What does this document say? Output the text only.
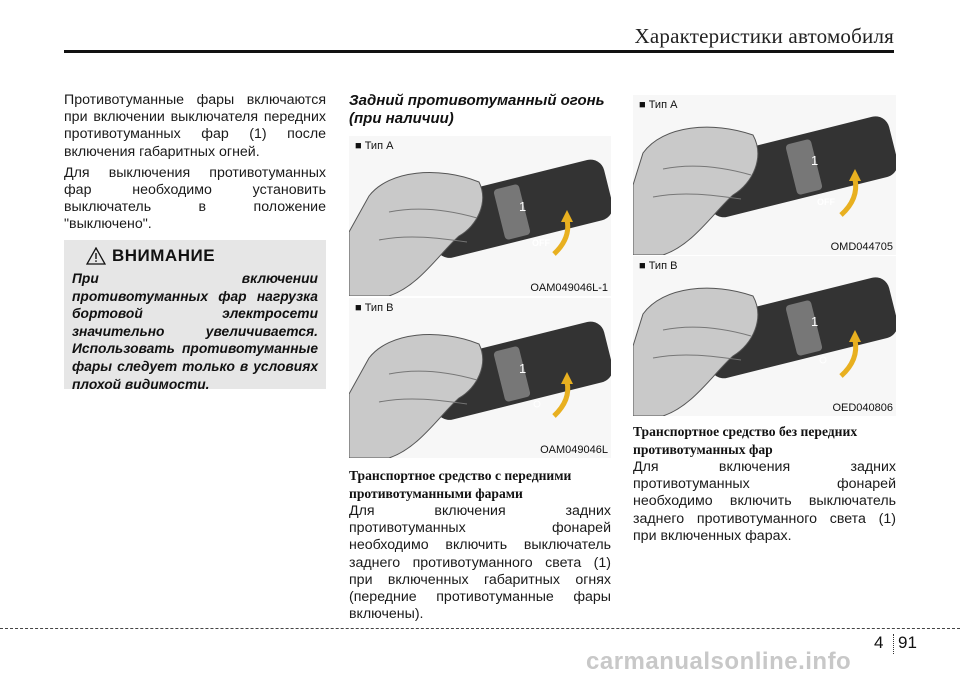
Характеристики автомобиля

Противотуманные фары включаются при включении выключателя передних противотуманных фар (1) после включения габаритных огней.

Для выключения противотуманных фар необходимо установить выключатель в положение "выключено".

ВНИМАНИЕ
При включении противотуманных фар нагрузка бортовой электросети значительно увеличивается. Использовать противотуманные фары следует только в условиях плохой видимости.
Задний противотуманный огонь (при наличии)
■ Тип A
1
OFF
OAM049046L-1
■ Тип B
1
OAM049046L
Транспортное средство с передними противотуманными фарами

Для включения задних противотуманных фонарей необходимо включить выключатель заднего противотуманного света (1) при включенных габаритных огнях (передние противотуманные фары включены).

■ Тип A
1
OFF
OMD044705
■ Тип B
1
OED040806
Транспортное средство без передних противотуманных фар

Для включения задних противотуманных фонарей необходимо включить выключатель заднего противотуманного света (1) при включенных фарах.

4 91
carmanualsonline.info
